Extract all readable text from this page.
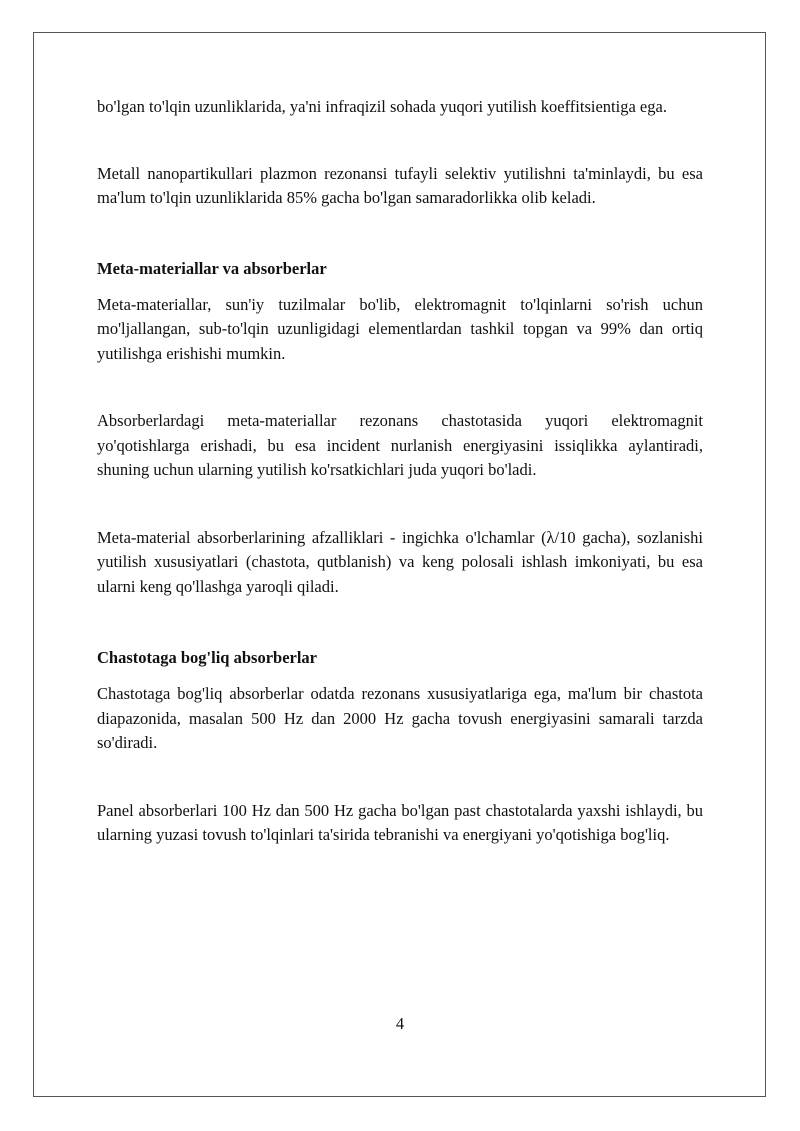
bo'lgan to'lqin uzunliklarida, ya'ni infraqizil sohada yuqori yutilish koeffitsientiga ega.

Metall nanopartikullari plazmon rezonansi tufayli selektiv yutilishni ta'minlaydi, bu esa ma'lum to'lqin uzunliklarida 85% gacha bo'lgan samaradorlikka olib keladi.

Meta-materiallar va absorberlar

Meta-materiallar, sun'iy tuzilmalar bo'lib, elektromagnit to'lqinlarni so'rish uchun mo'ljallangan, sub-to'lqin uzunligidagi elementlardan tashkil topgan va 99% dan ortiq yutilishga erishishi mumkin.

Absorberlardagi meta-materiallar rezonans chastotasida yuqori elektromagnit yo'qotishlarga erishadi, bu esa incident nurlanish energiyasini issiqlikka aylantiradi, shuning uchun ularning yutilish ko'rsatkichlari juda yuqori bo'ladi.

Meta-material absorberlarining afzalliklari - ingichka o'lchamlar (λ/10 gacha), sozlanishi yutilish xususiyatlari (chastota, qutblanish) va keng polosali ishlash imkoniyati, bu esa ularni keng qo'llashga yaroqli qiladi.

Chastotaga bog'liq absorberlar

Chastotaga bog'liq absorberlar odatda rezonans xususiyatlariga ega, ma'lum bir chastota diapazonida, masalan 500 Hz dan 2000 Hz gacha tovush energiyasini samarali tarzda so'diradi.

Panel absorberlari 100 Hz dan 500 Hz gacha bo'lgan past chastotalarda yaxshi ishlaydi, bu ularning yuzasi tovush to'lqinlari ta'sirida tebranishi va energiyani yo'qotishiga bog'liq.

4
